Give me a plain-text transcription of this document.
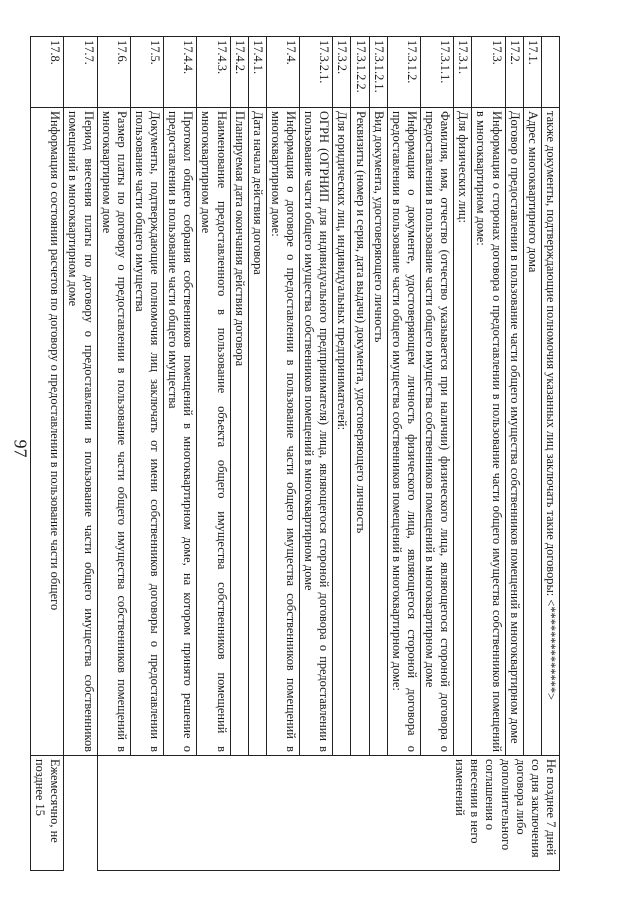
97
		также документы, подтверждающие полномочия указанных лиц заключать такие договоры: <**************>	Не позднее 7 дней со дня заключения договора либо дополнительного соглашения о внесении в него изменений
17.1.	Адрес многоквартирного дома	
17.2.	Договор о предоставлении в пользование части общего имущества собственников помещений в многоквартирном доме	
17.3.	Информация о сторонах договора о предоставлении в пользование части общего имущества собственников помещений в многоквартирном доме:	
17.3.1.	Для физических лиц:	
17.3.1.1.	Фамилия, имя, отчество (отчество указывается при наличии) физического лица, являющегося стороной договора о предоставлении в пользование части общего имущества собственников помещений в многоквартирном доме	
17.3.1.2.	Информация о документе, удостоверяющем личность физического лица, являющегося стороной договора о предоставлении в пользование части общего имущества собственников помещений в многоквартирном доме:	
17.3.1.2.1.	Вид документа, удостоверяющего личность	
17.3.1.2.2.	Реквизиты (номер и серия, дата выдачи) документа, удостоверяющего личность	
17.3.2.	Для юридических лиц, индивидуальных предпринимателей:	
17.3.2.1.	ОГРН (ОГРНИП для индивидуального предпринимателя) лица, являющегося стороной договора о предоставлении в пользование части общего имущества собственников помещений в многоквартирном доме	
17.4.	Информация о договоре о предоставлении в пользование части общего имущества собственников помещений в многоквартирном доме:	
17.4.1.	Дата начала действия договора	
17.4.2.	Планируемая дата окончания действия договора	
17.4.3.	Наименование предоставленного в пользование объекта общего имущества собственников помещений в многоквартирном доме	
17.4.4.	Протокол общего собрания собственников помещений в многоквартирном доме, на котором принято решение о предоставлении в пользование части общего имущества	
17.5.	Документы, подтверждающие полномочия лиц заключать от имени собственников договоры о предоставлении в пользование части общего имущества	
17.6.	Размер платы по договору о предоставлении в пользование части общего имущества собственников помещений в многоквартирном доме	
17.7.	Период внесения платы по договору о предоставлении в пользование части общего имущества собственников помещений в многоквартирном доме	
17.8.	Информация о состоянии расчетов по договору о предоставлении в пользование части общего	Ежемесячно, не позднее 15
